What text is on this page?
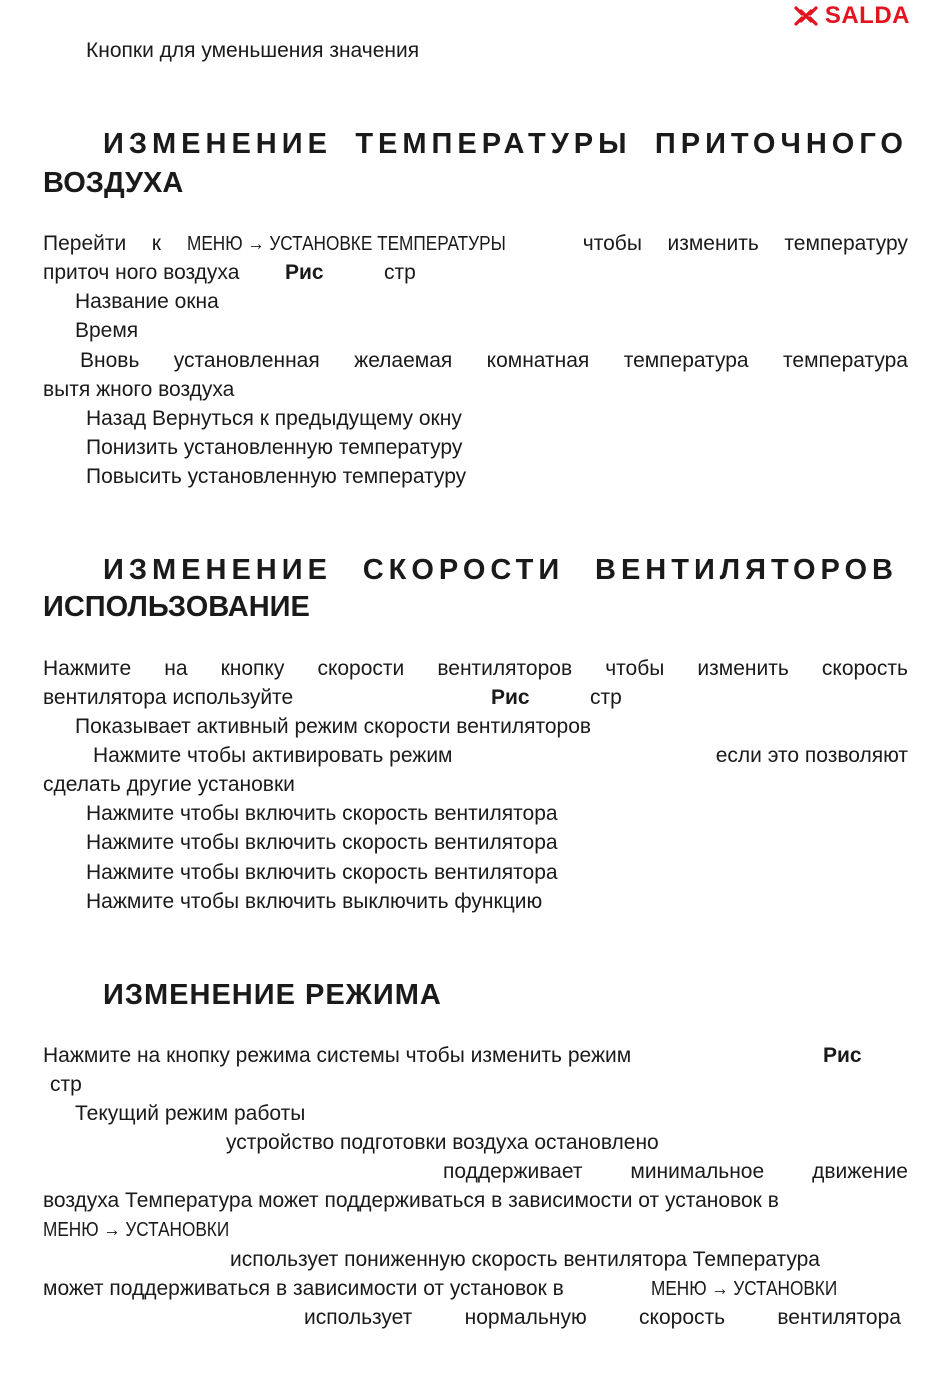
SALDA
Кнопки для уменьшения значения
ИЗМЕНЕНИЕ ТЕМПЕРАТУРЫ ПРИТОЧНОГО
ВОЗДУХА
Перейти к МЕНЮ → УСТАНОВКЕ ТЕМПЕРАТУРЫ	чтобы изменить температуру
приточ ного воздуха Рис	стр
Название окна
Время
Вновь установленная желаемая комнатная температура температура
вытя жного воздуха
Назад Вернуться к предыдущему окну
Понизить установленную температуру
Повысить установленную температуру
ИЗМЕНЕНИЕ СКОРОСТИ ВЕНТИЛЯТОРОВ
ИСПОЛЬЗОВАНИЕ
Нажмите на кнопку скорости вентиляторов чтобы изменить скорость
вентилятора используйте	Рис	стр
Показывает активный режим скорости вентиляторов
Нажмите чтобы активировать режим	если это позволяют
сделать другие установки
Нажмите чтобы включить скорость вентилятора
Нажмите чтобы включить скорость вентилятора
Нажмите чтобы включить скорость вентилятора
Нажмите чтобы включить выключить функцию
ИЗМЕНЕНИЕ РЕЖИМА
Нажмите на кнопку режима системы чтобы изменить режим	Рис
стр
Текущий режим работы
устройство подготовки воздуха остановлено
поддерживает минимальное движение
воздуха Температура может поддерживаться в зависимости от установок в
МЕНЮ → УСТАНОВКИ
использует пониженную скорость вентилятора Температура
может поддерживаться в зависимости от установок в	МЕНЮ → УСТАНОВКИ
использует нормальную скорость вентилятора
